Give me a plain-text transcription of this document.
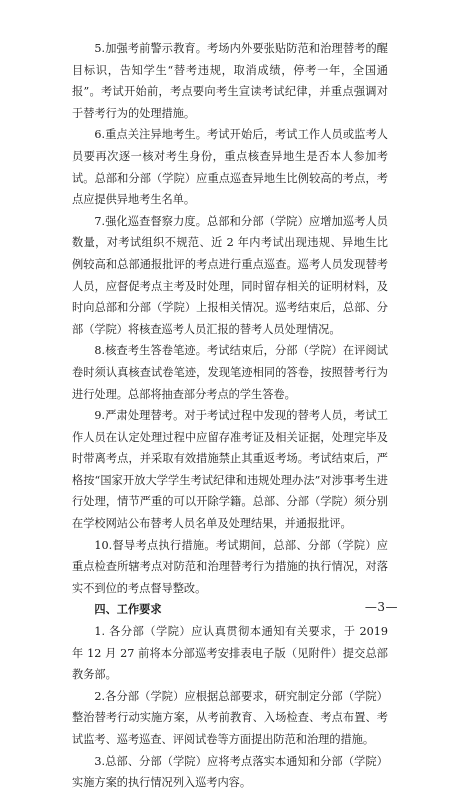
5.加强考前警示教育。考场内外要张贴防范和治理替考的醒目标识，告知学生“替考违规，取消成绩，停考一年，全国通报”。考试开始前，考点要向考生宣读考试纪律，并重点强调对于替考行为的处理措施。

6.重点关注异地考生。考试开始后，考试工作人员或监考人员要再次逐一核对考生身份，重点核查异地生是否本人参加考试。总部和分部（学院）应重点巡查异地生比例较高的考点，考点应提供异地考生名单。

7.强化巡查督察力度。总部和分部（学院）应增加巡考人员数量，对考试组织不规范、近 2 年内考试出现违规、异地生比例较高和总部通报批评的考点进行重点巡查。巡考人员发现替考人员，应督促考点主考及时处理，同时留存相关的证明材料，及时向总部和分部（学院）上报相关情况。巡考结束后，总部、分部（学院）将核查巡考人员汇报的替考人员处理情况。

8.核查考生答卷笔迹。考试结束后，分部（学院）在评阅试卷时须认真核查试卷笔迹，发现笔迹相同的答卷，按照替考行为进行处理。总部将抽查部分考点的学生答卷。

9.严肃处理替考。对于考试过程中发现的替考人员，考试工作人员在认定处理过程中应留存准考证及相关证据，处理完毕及时带离考点，并采取有效措施禁止其重返考场。考试结束后，严格按“国家开放大学学生考试纪律和违规处理办法”对涉事考生进行处理，情节严重的可以开除学籍。总部、分部（学院）须分别在学校网站公布替考人员名单及处理结果，并通报批评。

10.督导考点执行措施。考试期间，总部、分部（学院）应重点检查所辖考点对防范和治理替考行为措施的执行情况，对落实不到位的考点督导整改。

四、工作要求

1. 各分部（学院）应认真贯彻本通知有关要求，于 2019 年 12 月 27 前将本分部巡考安排表电子版（见附件）提交总部教务部。

2.各分部（学院）应根据总部要求，研究制定分部（学院）整治替考行动实施方案，从考前教育、入场检查、考点布置、考试监考、巡考巡查、评阅试卷等方面提出防范和治理的措施。

3.总部、分部（学院）应将考点落实本通知和分部（学院）实施方案的执行情况列入巡考内容。

—3—
